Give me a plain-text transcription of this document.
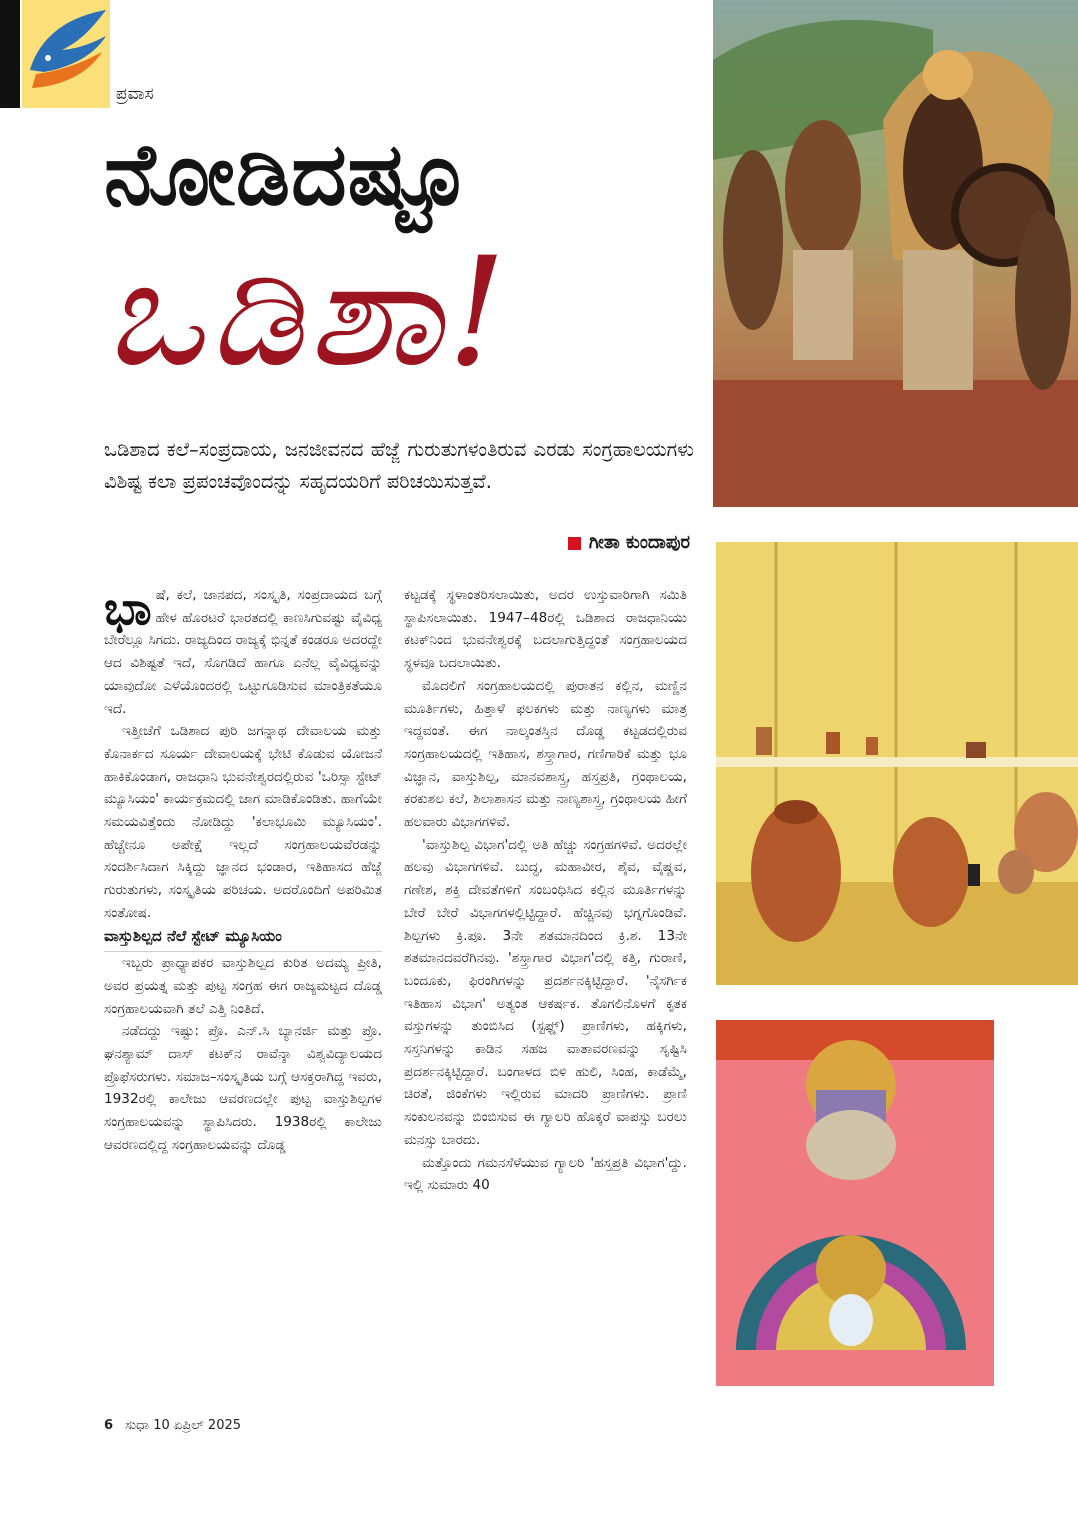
ಪ್ರವಾಸ
ನೋಡಿದಷ್ಟೂ
ಒಡಿಶಾ!
ಒಡಿಶಾದ ಕಲೆ–ಸಂಪ್ರದಾಯ, ಜನಜೀವನದ ಹೆಜ್ಜೆ ಗುರುತುಗಳಂತಿರುವ ಎರಡು ಸಂಗ್ರಹಾಲಯಗಳು ವಿಶಿಷ್ಟ ಕಲಾ ಪ್ರಪಂಚವೊಂದನ್ನು ಸಹೃದಯರಿಗೆ ಪರಿಚಯಿಸುತ್ತವೆ.
ಗೀತಾ ಕುಂದಾಪುರ

ಭಾಷೆ, ಕಲೆ, ಜಾನಪದ, ಸಂಸ್ಕೃತಿ, ಸಂಪ್ರದಾಯದ ಬಗ್ಗೆ ಹೇಳ ಹೊರಟರೆ ಭಾರತದಲ್ಲಿ ಕಾಣಸಿಗುವಷ್ಟು ವೈವಿಧ್ಯ ಬೇರೆಲ್ಲೂ ಸಿಗದು. ರಾಜ್ಯದಿಂದ ರಾಜ್ಯಕ್ಕೆ ಭಿನ್ನತೆ ಕಂಡರೂ ಅದರದ್ದೇ ಆದ ವಿಶಿಷ್ಟತೆ ಇದೆ, ಸೊಗಡಿದೆ ಹಾಗೂ ಏನೆಲ್ಲ ವೈವಿಧ್ಯವನ್ನು ಯಾವುದೋ ಎಳೆಯೊಂದರಲ್ಲಿ ಒಟ್ಟುಗೂಡಿಸುವ ಮಾಂತ್ರಿಕತೆಯೂ ಇದೆ.

ಇತ್ತೀಚೆಗೆ ಒಡಿಶಾದ ಪುರಿ ಜಗನ್ನಾಥ ದೇವಾಲಯ ಮತ್ತು ಕೊನಾರ್ಕದ ಸೂರ್ಯ ದೇವಾಲಯಕ್ಕೆ ಭೇಟಿ ಕೊಡುವ ಯೋಜನೆ ಹಾಕಿಕೊಂಡಾಗ, ರಾಜಧಾನಿ ಭುವನೇಶ್ವರದಲ್ಲಿರುವ 'ಒರಿಸ್ಸಾ ಸ್ಟೇಟ್ ಮ್ಯೂಸಿಯಂ' ಕಾರ್ಯಕ್ರಮದಲ್ಲಿ ಜಾಗ ಮಾಡಿಕೊಂಡಿತು. ಹಾಗೆಯೇ ಸಮಯವಿತ್ತೆಂದು ನೋಡಿದ್ದು 'ಕಲಾಭೂಮಿ ಮ್ಯೂಸಿಯಂ'. ಹೆಚ್ಚೇನೂ ಅಪೇಕ್ಷೆ ಇಲ್ಲದೆ ಸಂಗ್ರಹಾಲಯವೆರಡನ್ನು ಸಂದರ್ಶಿಸಿದಾಗ ಸಿಕ್ಕಿದ್ದು ಜ್ಞಾನದ ಭಂಡಾರ, ಇತಿಹಾಸದ ಹೆಜ್ಜೆ ಗುರುತುಗಳು, ಸಂಸ್ಕೃತಿಯ ಪರಿಚಯ. ಅದರೊಂದಿಗೆ ಅಪರಿಮಿತ ಸಂತೋಷ.

ವಾಸ್ತುಶಿಲ್ಪದ ನೆಲೆ ಸ್ಟೇಟ್ ಮ್ಯೂಸಿಯಂ

ಇಬ್ಬರು ಪ್ರಾಧ್ಯಾಪಕರ ವಾಸ್ತುಶಿಲ್ಪದ ಕುರಿತ ಅದಮ್ಯ ಪ್ರೀತಿ, ಅವರ ಪ್ರಯತ್ನ ಮತ್ತು ಪುಟ್ಟ ಸಂಗ್ರಹ ಈಗ ರಾಜ್ಯಮಟ್ಟದ ದೊಡ್ಡ ಸಂಗ್ರಹಾಲಯವಾಗಿ ತಲೆ ಎತ್ತಿ ನಿಂತಿದೆ.

ನಡೆದದ್ದು ಇಷ್ಟು: ಪ್ರೊ. ಎನ್.ಸಿ ಬ್ಯಾನರ್ಜಿ ಮತ್ತು ಪ್ರೊ. ಘನಶ್ಯಾಮ್ ದಾಸ್ ಕಟಕ್‌ನ ರಾವೆನ್ಶಾ ವಿಶ್ವವಿದ್ಯಾಲಯದ ಪ್ರೊಫೆಸರುಗಳು. ಸಮಾಜ–ಸಂಸ್ಕೃತಿಯ ಬಗ್ಗೆ ಆಸಕ್ತರಾಗಿದ್ದ ಇವರು, 1932ರಲ್ಲಿ ಕಾಲೇಜು ಆವರಣದಲ್ಲೇ ಪುಟ್ಟ ವಾಸ್ತುಶಿಲ್ಪಗಳ ಸಂಗ್ರಹಾಲಯವನ್ನು ಸ್ಥಾಪಿಸಿದರು. 1938ರಲ್ಲಿ ಕಾಲೇಜು ಆವರಣದಲ್ಲಿದ್ದ ಸಂಗ್ರಹಾಲಯವನ್ನು ದೊಡ್ಡ

ಕಟ್ಟಡಕ್ಕೆ ಸ್ಥಳಾಂತರಿಸಲಾಯಿತು, ಅದರ ಉಸ್ತುವಾರಿಗಾಗಿ ಸಮಿತಿ ಸ್ಥಾಪಿಸಲಾಯಿತು. 1947–48ರಲ್ಲಿ ಒಡಿಶಾದ ರಾಜಧಾನಿಯು ಕಟಕ್‌ನಿಂದ ಭುವನೇಶ್ವರಕ್ಕೆ ಬದಲಾಗುತ್ತಿದ್ದಂತೆ ಸಂಗ್ರಹಾಲಯದ ಸ್ಥಳವೂ ಬದಲಾಯಿತು.

ಮೊದಲಿಗೆ ಸಂಗ್ರಹಾಲಯದಲ್ಲಿ ಪುರಾತನ ಕಲ್ಲಿನ, ಮಣ್ಣಿನ ಮೂರ್ತಿಗಳು, ಹಿತ್ತಾಳೆ ಫಲಕಗಳು ಮತ್ತು ನಾಣ್ಯಗಳು ಮಾತ್ರ ಇದ್ದವಂತೆ. ಈಗ ನಾಲ್ಕಂತಸ್ತಿನ ದೊಡ್ಡ ಕಟ್ಟಡದಲ್ಲಿರುವ ಸಂಗ್ರಹಾಲಯದಲ್ಲಿ ಇತಿಹಾಸ, ಶಸ್ತ್ರಾಗಾರ, ಗಣಿಗಾರಿಕೆ ಮತ್ತು ಭೂ ವಿಜ್ಞಾನ, ವಾಸ್ತುಶಿಲ್ಪ, ಮಾನವಶಾಸ್ತ್ರ, ಹಸ್ತಪ್ರತಿ, ಗ್ರಂಥಾಲಯ, ಕರಕುಶಲ ಕಲೆ, ಶಿಲಾಶಾಸನ ಮತ್ತು ನಾಣ್ಯಶಾಸ್ತ್ರ, ಗ್ರಂಥಾಲಯ ಹೀಗೆ ಹಲವಾರು ವಿಭಾಗಗಳಿವೆ.

'ವಾಸ್ತುಶಿಲ್ಪ ವಿಭಾಗ'ದಲ್ಲಿ ಅತಿ ಹೆಚ್ಚು ಸಂಗ್ರಹಗಳಿವೆ. ಅದರಲ್ಲೇ ಹಲವು ವಿಭಾಗಗಳಿವೆ. ಬುದ್ಧ, ಮಹಾವೀರ, ಶೈವ, ವೈಷ್ಣವ, ಗಣೇಶ, ಶಕ್ತಿ ದೇವತೆಗಳಿಗೆ ಸಂಬಂಧಿಸಿದ ಕಲ್ಲಿನ ಮೂರ್ತಿಗಳನ್ನು ಬೇರೆ ಬೇರೆ ವಿಭಾಗಗಳಲ್ಲಿಟ್ಟಿದ್ದಾರೆ. ಹೆಚ್ಚಿನವು ಭಗ್ನಗೊಂಡಿವೆ. ಶಿಲ್ಪಗಳು ಕ್ರಿ.ಪೂ. 3ನೇ ಶತಮಾನದಿಂದ ಕ್ರಿ.ಶ. 13ನೇ ಶತಮಾನದವರೆಗಿನವು. 'ಶಸ್ತ್ರಾಗಾರ ವಿಭಾಗ'ದಲ್ಲಿ ಕತ್ತಿ, ಗುರಾಣಿ, ಬಂದೂಕು, ಫಿರಂಗಿಗಳನ್ನು ಪ್ರದರ್ಶನಕ್ಕಿಟ್ಟಿದ್ದಾರೆ. 'ನೈಸರ್ಗಿಕ ಇತಿಹಾಸ ವಿಭಾಗ' ಅತ್ಯಂತ ಆಕರ್ಷಕ. ತೊಗಲಿನೊಳಗೆ ಕೃತಕ ವಸ್ತುಗಳನ್ನು ತುಂಬಿಸಿದ (ಸ್ಟಫ್ಡ್) ಪ್ರಾಣಿಗಳು, ಹಕ್ಕಿಗಳು, ಸಸ್ತನಿಗಳನ್ನು ಕಾಡಿನ ಸಹಜ ವಾತಾವರಣವನ್ನು ಸೃಷ್ಟಿಸಿ ಪ್ರದರ್ಶನಕ್ಕಿಟ್ಟಿದ್ದಾರೆ. ಬಂಗಾಳದ ಬಿಳಿ ಹುಲಿ, ಸಿಂಹ, ಕಾಡೆಮ್ಮೆ, ಚಿರತೆ, ಜಿಂಕೆಗಳು ಇಲ್ಲಿರುವ ಮಾದರಿ ಪ್ರಾಣಿಗಳು. ಪ್ರಾಣಿ ಸಂಕುಲನವನ್ನು ಬಿಂಬಿಸುವ ಈ ಗ್ಯಾಲರಿ ಹೊಕ್ಕರೆ ವಾಪಸ್ಸು ಬರಲು ಮನಸ್ಸು ಬಾರದು.

ಮತ್ತೊಂದು ಗಮನಸೆಳೆಯುವ ಗ್ಯಾಲರಿ 'ಹಸ್ತಪ್ರತಿ ವಿಭಾಗ'ದ್ದು. ಇಲ್ಲಿ ಸುಮಾರು 40

6 ಸುಧಾ 10 ಏಪ್ರಿಲ್ 2025
